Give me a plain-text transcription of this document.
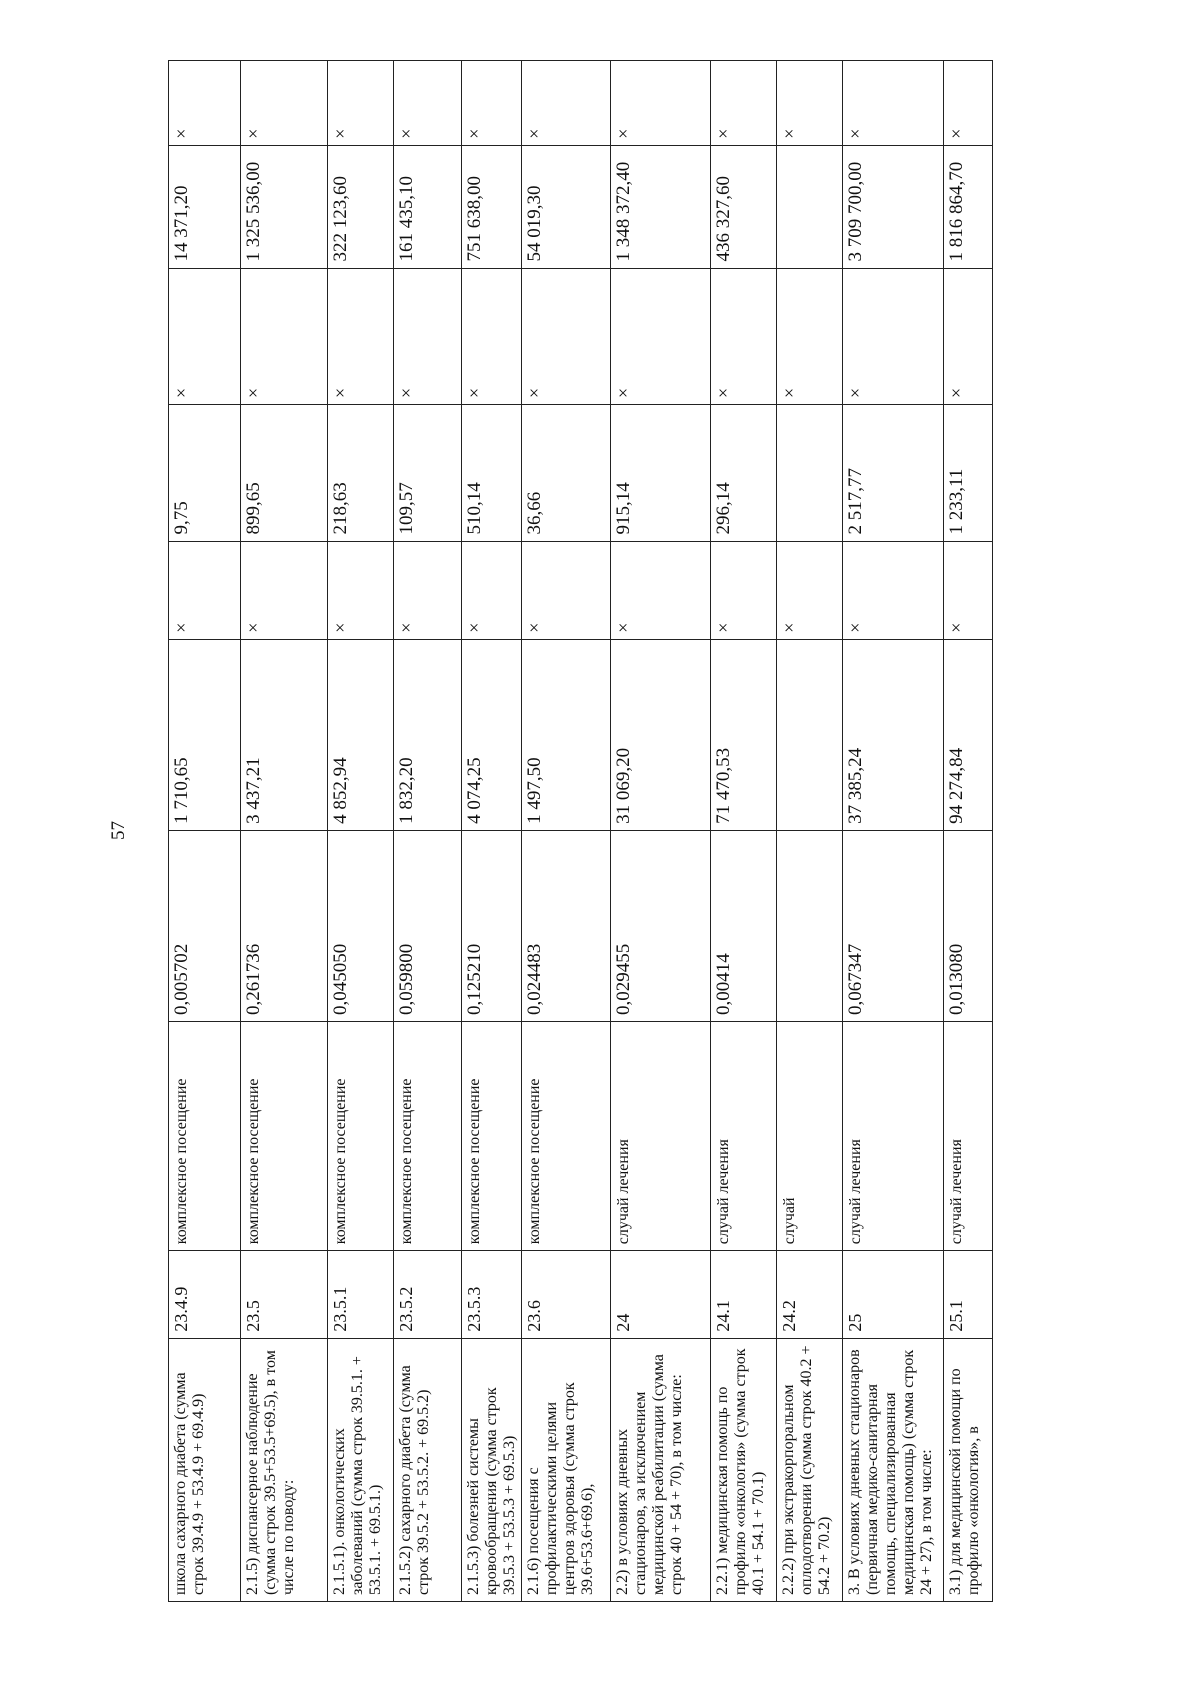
57
школа сахарного диабета (сумма строк 39.4.9 + 53.4.9 + 69.4.9)	23.4.9	комплексное посещение	0,005702	1 710,65	×	9,75	×	14 371,20	×
2.1.5) диспансерное наблюдение (сумма строк 39.5+53.5+69.5), в том числе по поводу:	23.5	комплексное посещение	0,261736	3 437,21	×	899,65	×	1 325 536,00	×
2.1.5.1). онкологических заболеваний (сумма строк 39.5.1. + 53.5.1. + 69.5.1.)	23.5.1	комплексное посещение	0,045050	4 852,94	×	218,63	×	322 123,60	×
2.1.5.2) сахарного диабета (сумма строк 39.5.2 + 53.5.2. + 69.5.2)	23.5.2	комплексное посещение	0,059800	1 832,20	×	109,57	×	161 435,10	×
2.1.5.3) болезней системы кровообращения (сумма строк 39.5.3 + 53.5.3 + 69.5.3)	23.5.3	комплексное посещение	0,125210	4 074,25	×	510,14	×	751 638,00	×
2.1.6) посещения с профилактическими целями центров здоровья (сумма строк 39.6+53.6+69.6),	23.6	комплексное посещение	0,024483	1 497,50	×	36,66	×	54 019,30	×
2.2) в условиях дневных стационаров, за исключением медицинской реабилитации (сумма строк 40 + 54 + 70), в том числе:	24	случай лечения	0,029455	31 069,20	×	915,14	×	1 348 372,40	×
2.2.1) медицинская помощь по профилю «онкология» (сумма строк 40.1 + 54.1 + 70.1)	24.1	случай лечения	0,00414	71 470,53	×	296,14	×	436 327,60	×
2.2.2) при экстракорпоральном оплодотворении (сумма строк 40.2 + 54.2 + 70.2)	24.2	случай			×		×		×
3. В условиях дневных стационаров (первичная медико-санитарная помощь, специализированная медицинская помощь) (сумма строк 24 + 27), в том числе:	25	случай лечения	0,067347	37 385,24	×	2 517,77	×	3 709 700,00	×
3.1) для медицинской помощи по профилю «онкология», в	25.1	случай лечения	0,013080	94 274,84	×	1 233,11	×	1 816 864,70	×
